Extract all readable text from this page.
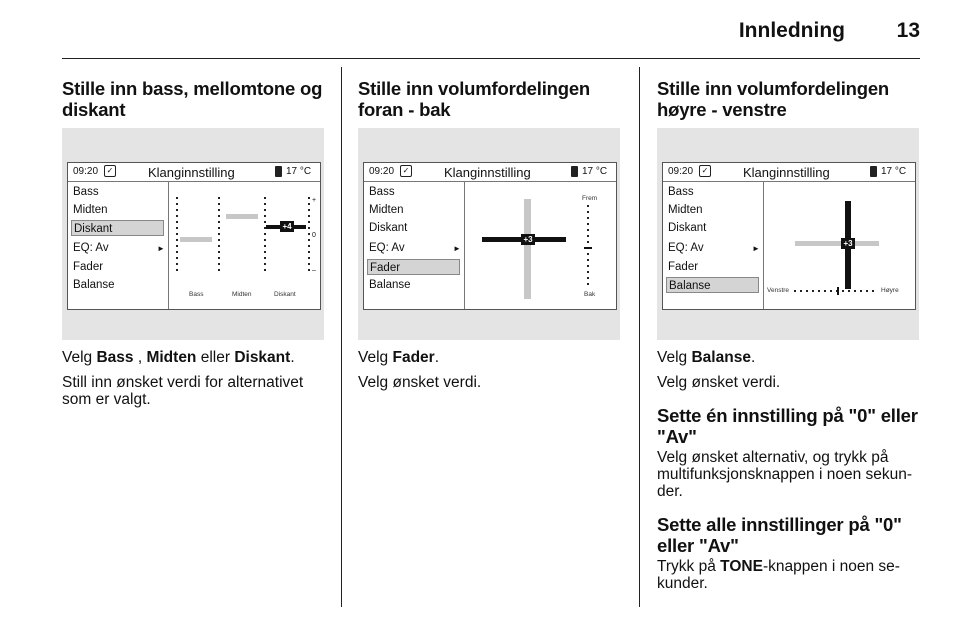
Innledning	13
Stille inn bass, mellomtone og diskant
09:20	✓	Klanginnstilling	17 °C
Bass
Midten
Diskant
EQ: Av	►
Fader
Balanse
+4
+
0
–
Bass	Midten	Diskant

Velg Bass , Midten eller Diskant.

Still inn ønsket verdi for alternativet som er valgt.

Stille inn volumfordelingen foran - bak
09:20	✓	Klanginnstilling	17 °C
Bass
Midten
Diskant
EQ: Av	►
Fader
Balanse
+3
Frem
Bak

Velg Fader.

Velg ønsket verdi.

Stille inn volumfordelingen høyre - venstre
09:20	✓	Klanginnstilling	17 °C
Bass
Midten
Diskant
EQ: Av	►
Fader
Balanse
+3
Venstre	Høyre

Velg Balanse.

Velg ønsket verdi.

Sette én innstilling på "0" eller "Av"

Velg ønsket alternativ, og trykk på multifunksjonsknappen i noen sekun-der.

Sette alle innstillinger på "0" eller "Av"

Trykk på TONE-knappen i noen se-kunder.
